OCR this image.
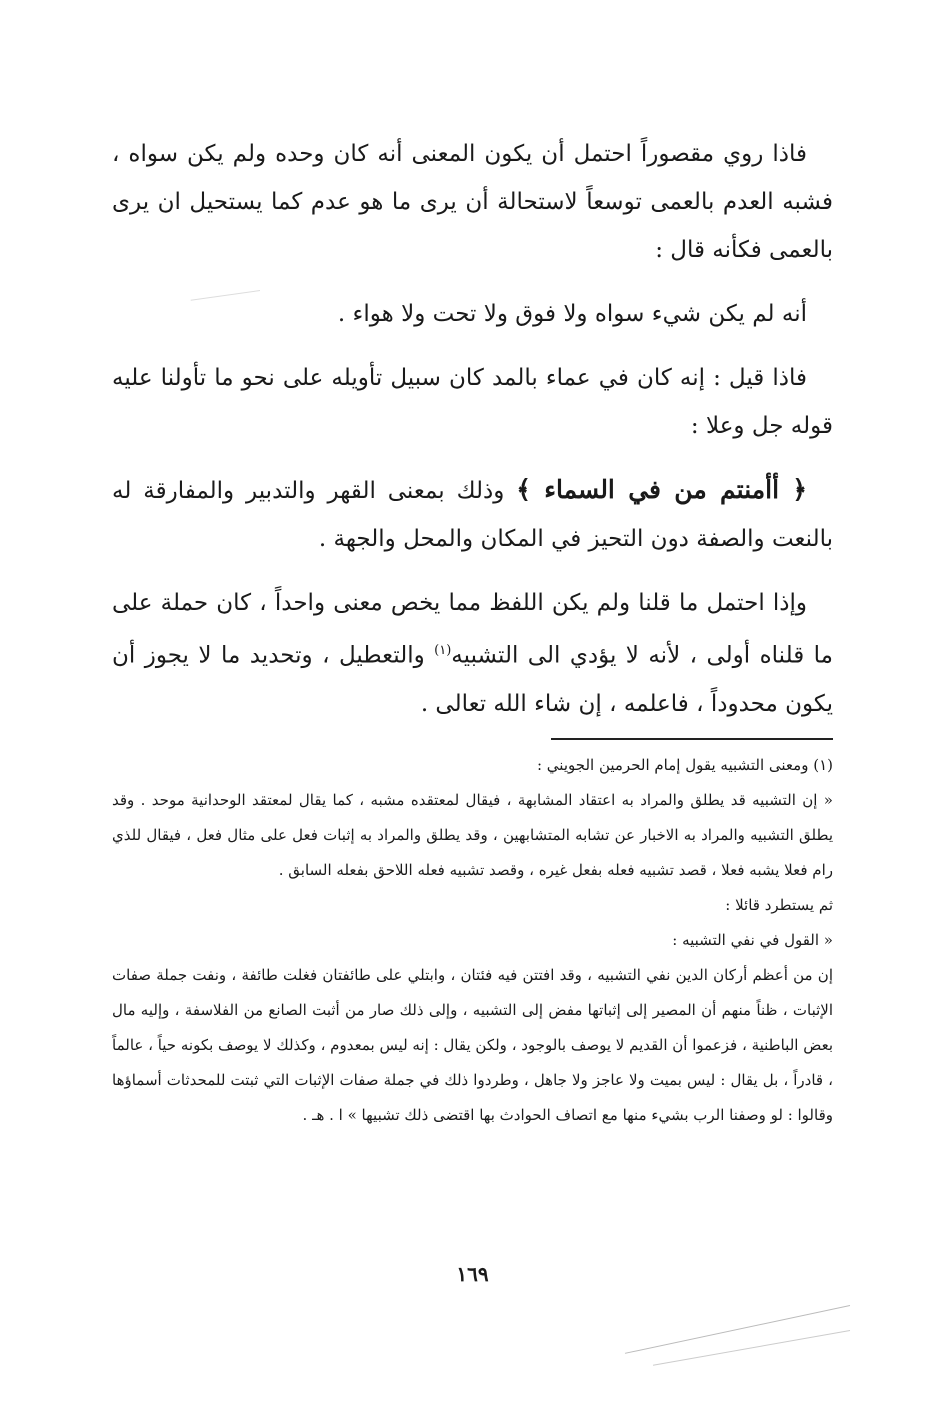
فاذا روي مقصوراً احتمل أن يكون المعنى أنه كان وحده ولم يكن سواه ، فشبه العدم بالعمى توسعاً لاستحالة أن يرى ما هو عدم كما يستحيل ان يرى بالعمى فكأنه قال :

أنه لم يكن شيء سواه ولا فوق ولا تحت ولا هواء .

فاذا قيل : إنه كان في عماء بالمد كان سبيل تأويله على نحو ما تأولنا عليه قوله جل وعلا :

﴿ أأمنتم من في السماء ﴾ وذلك بمعنى القهر والتدبير والمفارقة له بالنعت والصفة دون التحيز في المكان والمحل والجهة .

وإذا احتمل ما قلنا ولم يكن اللفظ مما يخص معنى واحداً ، كان حملة على ما قلناه أولى ، لأنه لا يؤدي الى التشبيه$^{(١)}$ والتعطيل ، وتحديد ما لا يجوز أن يكون محدوداً ، فاعلمه ، إن شاء الله تعالى .

(١) ومعنى التشبيه يقول إمام الحرمين الجويني :

« إن التشبيه قد يطلق والمراد به اعتقاد المشابهة ، فيقال لمعتقده مشبه ، كما يقال لمعتقد الوحدانية موحد . وقد يطلق التشبيه والمراد به الاخبار عن تشابه المتشابهين ، وقد يطلق والمراد به إثبات فعل على مثال فعل ، فيقال للذي رام فعلا يشبه فعلا ، قصد تشبيه فعله بفعل غيره ، وقصد تشبيه فعله اللاحق بفعله السابق .

ثم يستطرد قائلا :

« القول في نفي التشبيه :

إن من أعظم أركان الدين نفي التشبيه ، وقد افتتن فيه فئتان ، وابتلي على طائفتان فغلت طائفة ، ونفت جملة صفات الإثبات ، ظناً منهم أن المصير إلى إثباتها مفض إلى التشبيه ، وإلى ذلك صار من أثبت الصانع من الفلاسفة ، وإليه مال بعض الباطنية ، فزعموا أن القديم لا يوصف بالوجود ، ولكن يقال : إنه ليس بمعدوم ، وكذلك لا يوصف بكونه حياً ، عالماً ، قادراً ، بل يقال : ليس بميت ولا عاجز ولا جاهل ، وطردوا ذلك في جملة صفات الإثبات التي ثبتت للمحدثات أسماؤها وقالوا : لو وصفنا الرب بشيء منها مع اتصاف الحوادث بها اقتضى ذلك تشبيها » ا . هـ .

١٦٩
